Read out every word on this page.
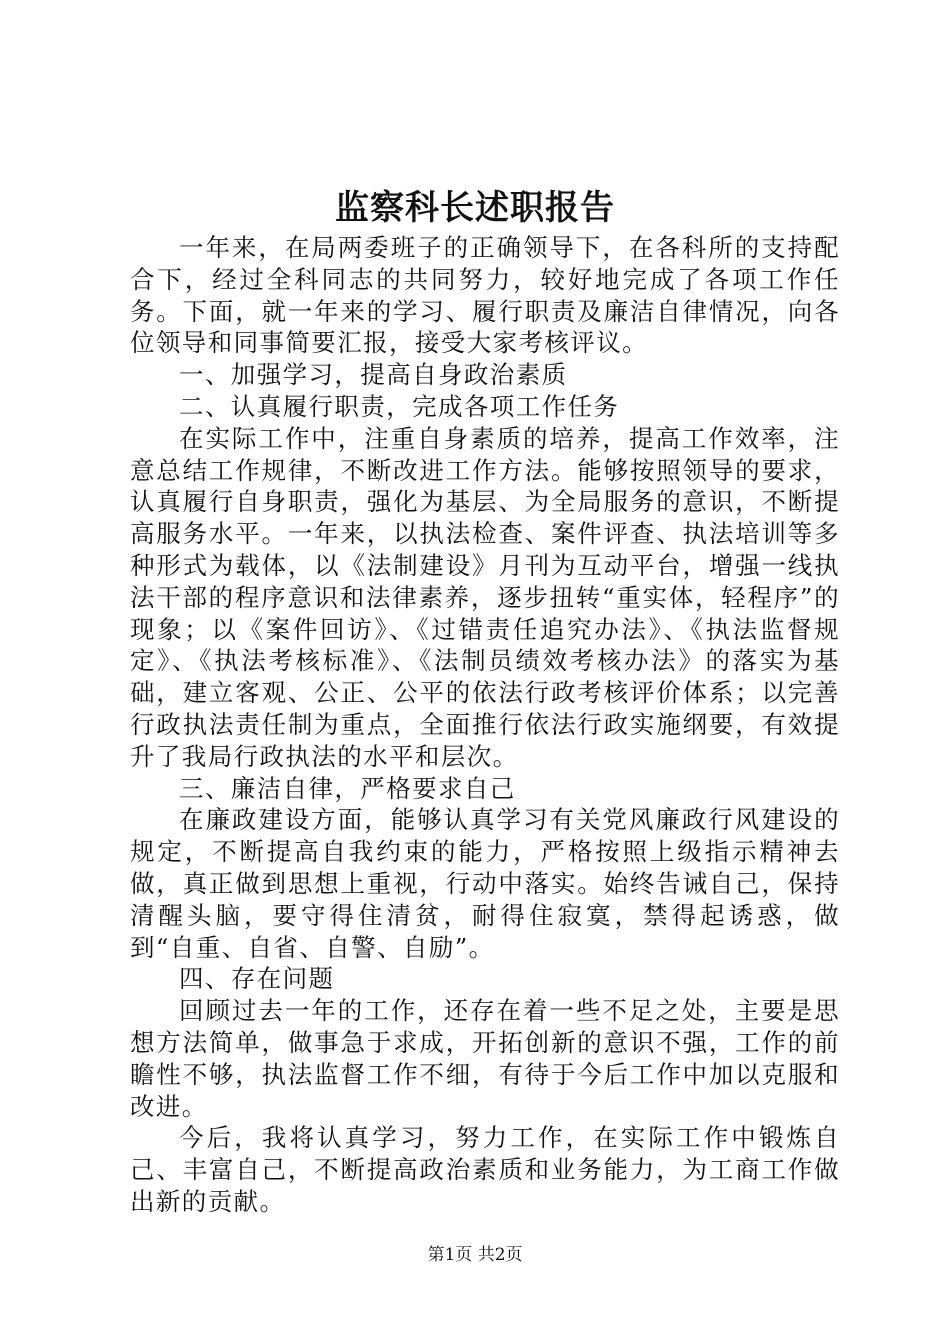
监察科长述职报告

一年来，在局两委班子的正确领导下，在各科所的支持配合下，经过全科同志的共同努力，较好地完成了各项工作任务。下面，就一年来的学习、履行职责及廉洁自律情况，向各位领导和同事简要汇报，接受大家考核评议。

一、加强学习，提高自身政治素质

二、认真履行职责，完成各项工作任务

在实际工作中，注重自身素质的培养，提高工作效率，注意总结工作规律，不断改进工作方法。能够按照领导的要求，认真履行自身职责，强化为基层、为全局服务的意识，不断提高服务水平。一年来，以执法检查、案件评查、执法培训等多种形式为载体，以《法制建设》月刊为互动平台，增强一线执法干部的程序意识和法律素养，逐步扭转“重实体，轻程序”的现象；以《案件回访》、《过错责任追究办法》、《执法监督规定》、《执法考核标准》、《法制员绩效考核办法》的落实为基础，建立客观、公正、公平的依法行政考核评价体系；以完善行政执法责任制为重点，全面推行依法行政实施纲要，有效提升了我局行政执法的水平和层次。

三、廉洁自律，严格要求自己

在廉政建设方面，能够认真学习有关党风廉政行风建设的规定，不断提高自我约束的能力，严格按照上级指示精神去做，真正做到思想上重视，行动中落实。始终告诫自己，保持清醒头脑，要守得住清贫，耐得住寂寞，禁得起诱惑，做到“自重、自省、自警、自励”。

四、存在问题

回顾过去一年的工作，还存在着一些不足之处，主要是思想方法简单，做事急于求成，开拓创新的意识不强，工作的前瞻性不够，执法监督工作不细，有待于今后工作中加以克服和改进。

今后，我将认真学习，努力工作，在实际工作中锻炼自己、丰富自己，不断提高政治素质和业务能力，为工商工作做出新的贡献。

第1页 共2页
